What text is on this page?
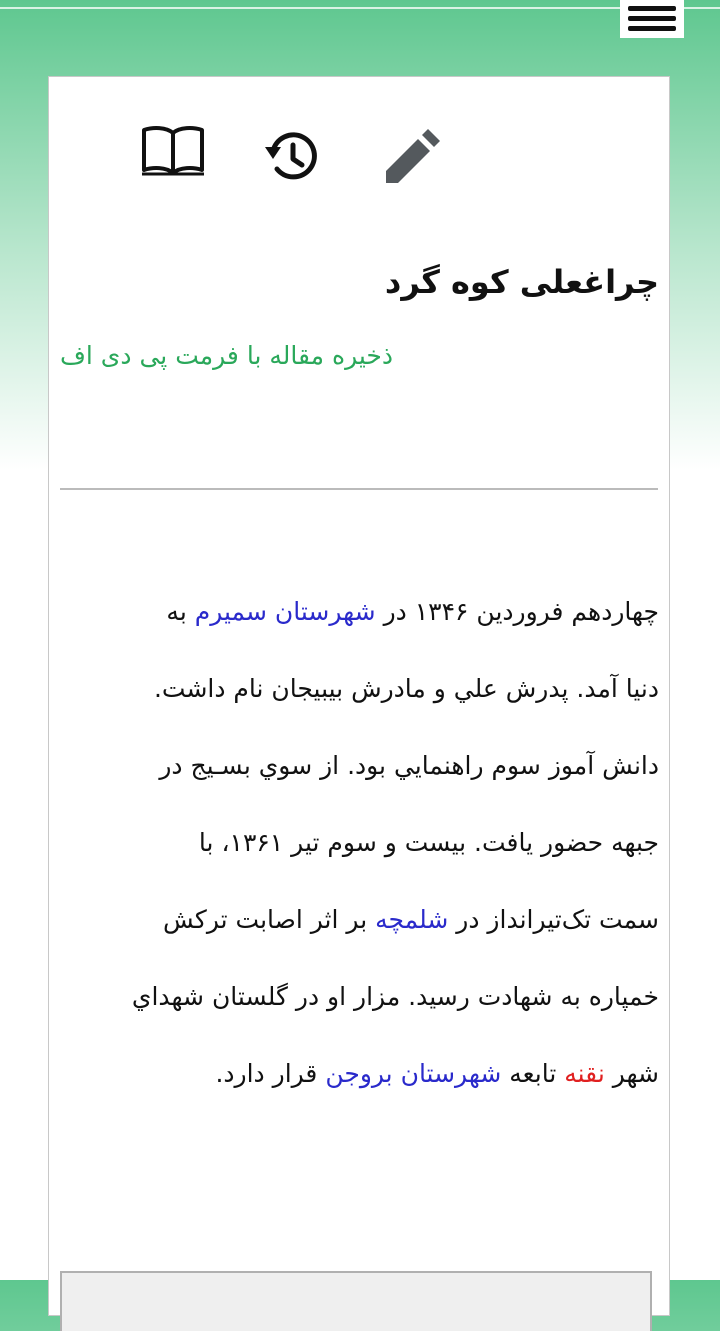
چراغعلی کوه گرد
ذخیره مقاله با فرمت پی دی اف
چهاردهم فروردين ۱۳۴۶ در شهرستان سميرم به
دنيا آمد. پدرش علي و مادرش بيبيجان نام داشت.
دانش آموز سوم راهنمايي بود. از سوي بسـيج در
جبهه حضور يافت. بيست و سوم تير ۱۳۶۱، با
سمت تک‌تيرانداز در شلمچه بر اثر اصابت ترکش
خمپاره به شهادت رسيد. مزار او در گلستان شهداي
شهر نقنه تابعه شهرستان بروجن قرار دارد.
